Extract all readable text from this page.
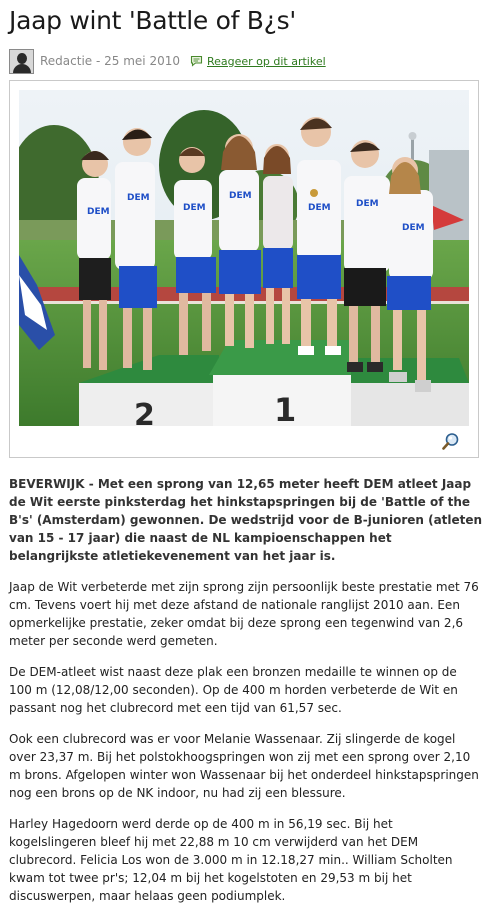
Jaap wint 'Battle of B¿s'
Redactie - 25 mei 2010 Reageer op dit artikel
2	1
DEM
DEM
DEM
DEM
DEM	DEM
DEM

BEVERWIJK - Met een sprong van 12,65 meter heeft DEM atleet Jaap de Wit eerste pinksterdag het hinkstapspringen bij de 'Battle of the B's' (Amsterdam) gewonnen. De wedstrijd voor de B-junioren (atleten van 15 - 17 jaar) die naast de NL kampioenschappen het belangrijkste atletiekevenement van het jaar is.

Jaap de Wit verbeterde met zijn sprong zijn persoonlijk beste prestatie met 76 cm. Tevens voert hij met deze afstand de nationale ranglijst 2010 aan. Een opmerkelijke prestatie, zeker omdat bij deze sprong een tegenwind van 2,6 meter per seconde werd gemeten.

De DEM-atleet wist naast deze plak een bronzen medaille te winnen op de 100 m (12,08/12,00 seconden). Op de 400 m horden verbeterde de Wit en passant nog het clubrecord met een tijd van 61,57 sec.

Ook een clubrecord was er voor Melanie Wassenaar. Zij slingerde de kogel over 23,37 m. Bij het polstokhoogspringen won zij met een sprong over 2,10 m brons. Afgelopen winter won Wassenaar bij het onderdeel hinkstapspringen nog een brons op de NK indoor, nu had zij een blessure.

Harley Hagedoorn werd derde op de 400 m in 56,19 sec. Bij het kogelslingeren bleef hij met 22,88 m 10 cm verwijderd van het DEM clubrecord. Felicia Los won de 3.000 m in 12.18,27 min.. William Scholten kwam tot twee pr's; 12,04 m bij het kogelstoten en 29,53 m bij het discuswerpen, maar helaas geen podiumplek.
